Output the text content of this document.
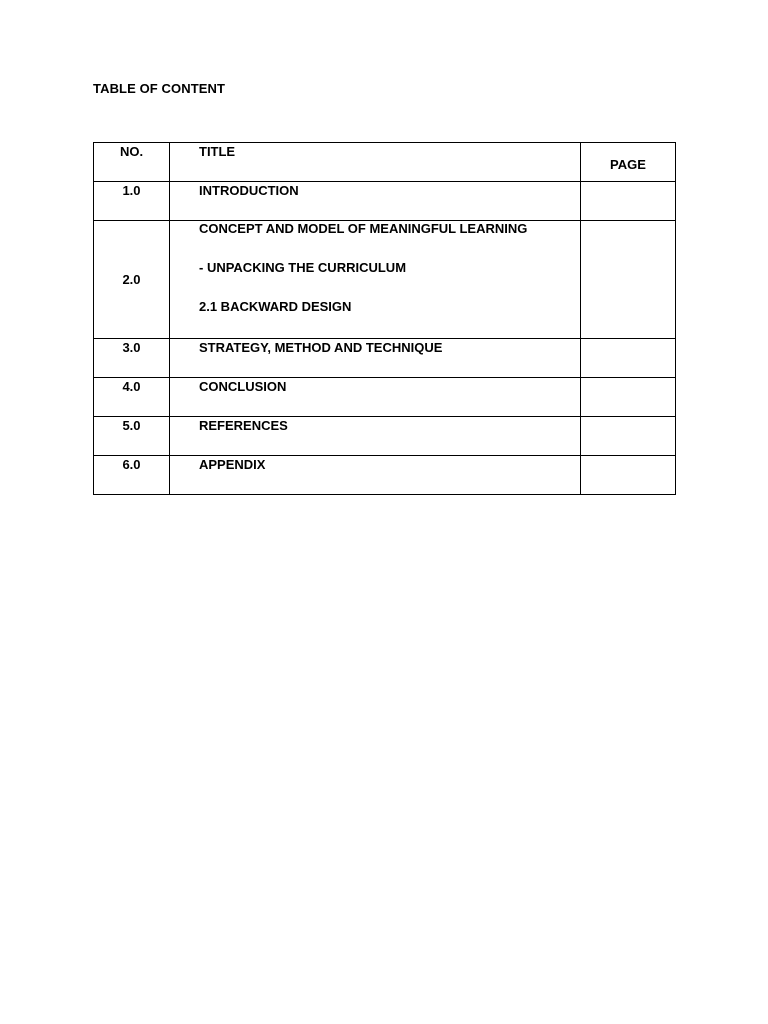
TABLE OF CONTENT
NO.	TITLE	PAGE

1.0	INTRODUCTION	

2.0	CONCEPT AND MODEL OF MEANINGFUL LEARNING
- UNPACKING THE CURRICULUM
2.1 BACKWARD DESIGN	

3.0	STRATEGY, METHOD AND TECHNIQUE	

4.0	CONCLUSION	

5.0	REFERENCES	

6.0	APPENDIX	
